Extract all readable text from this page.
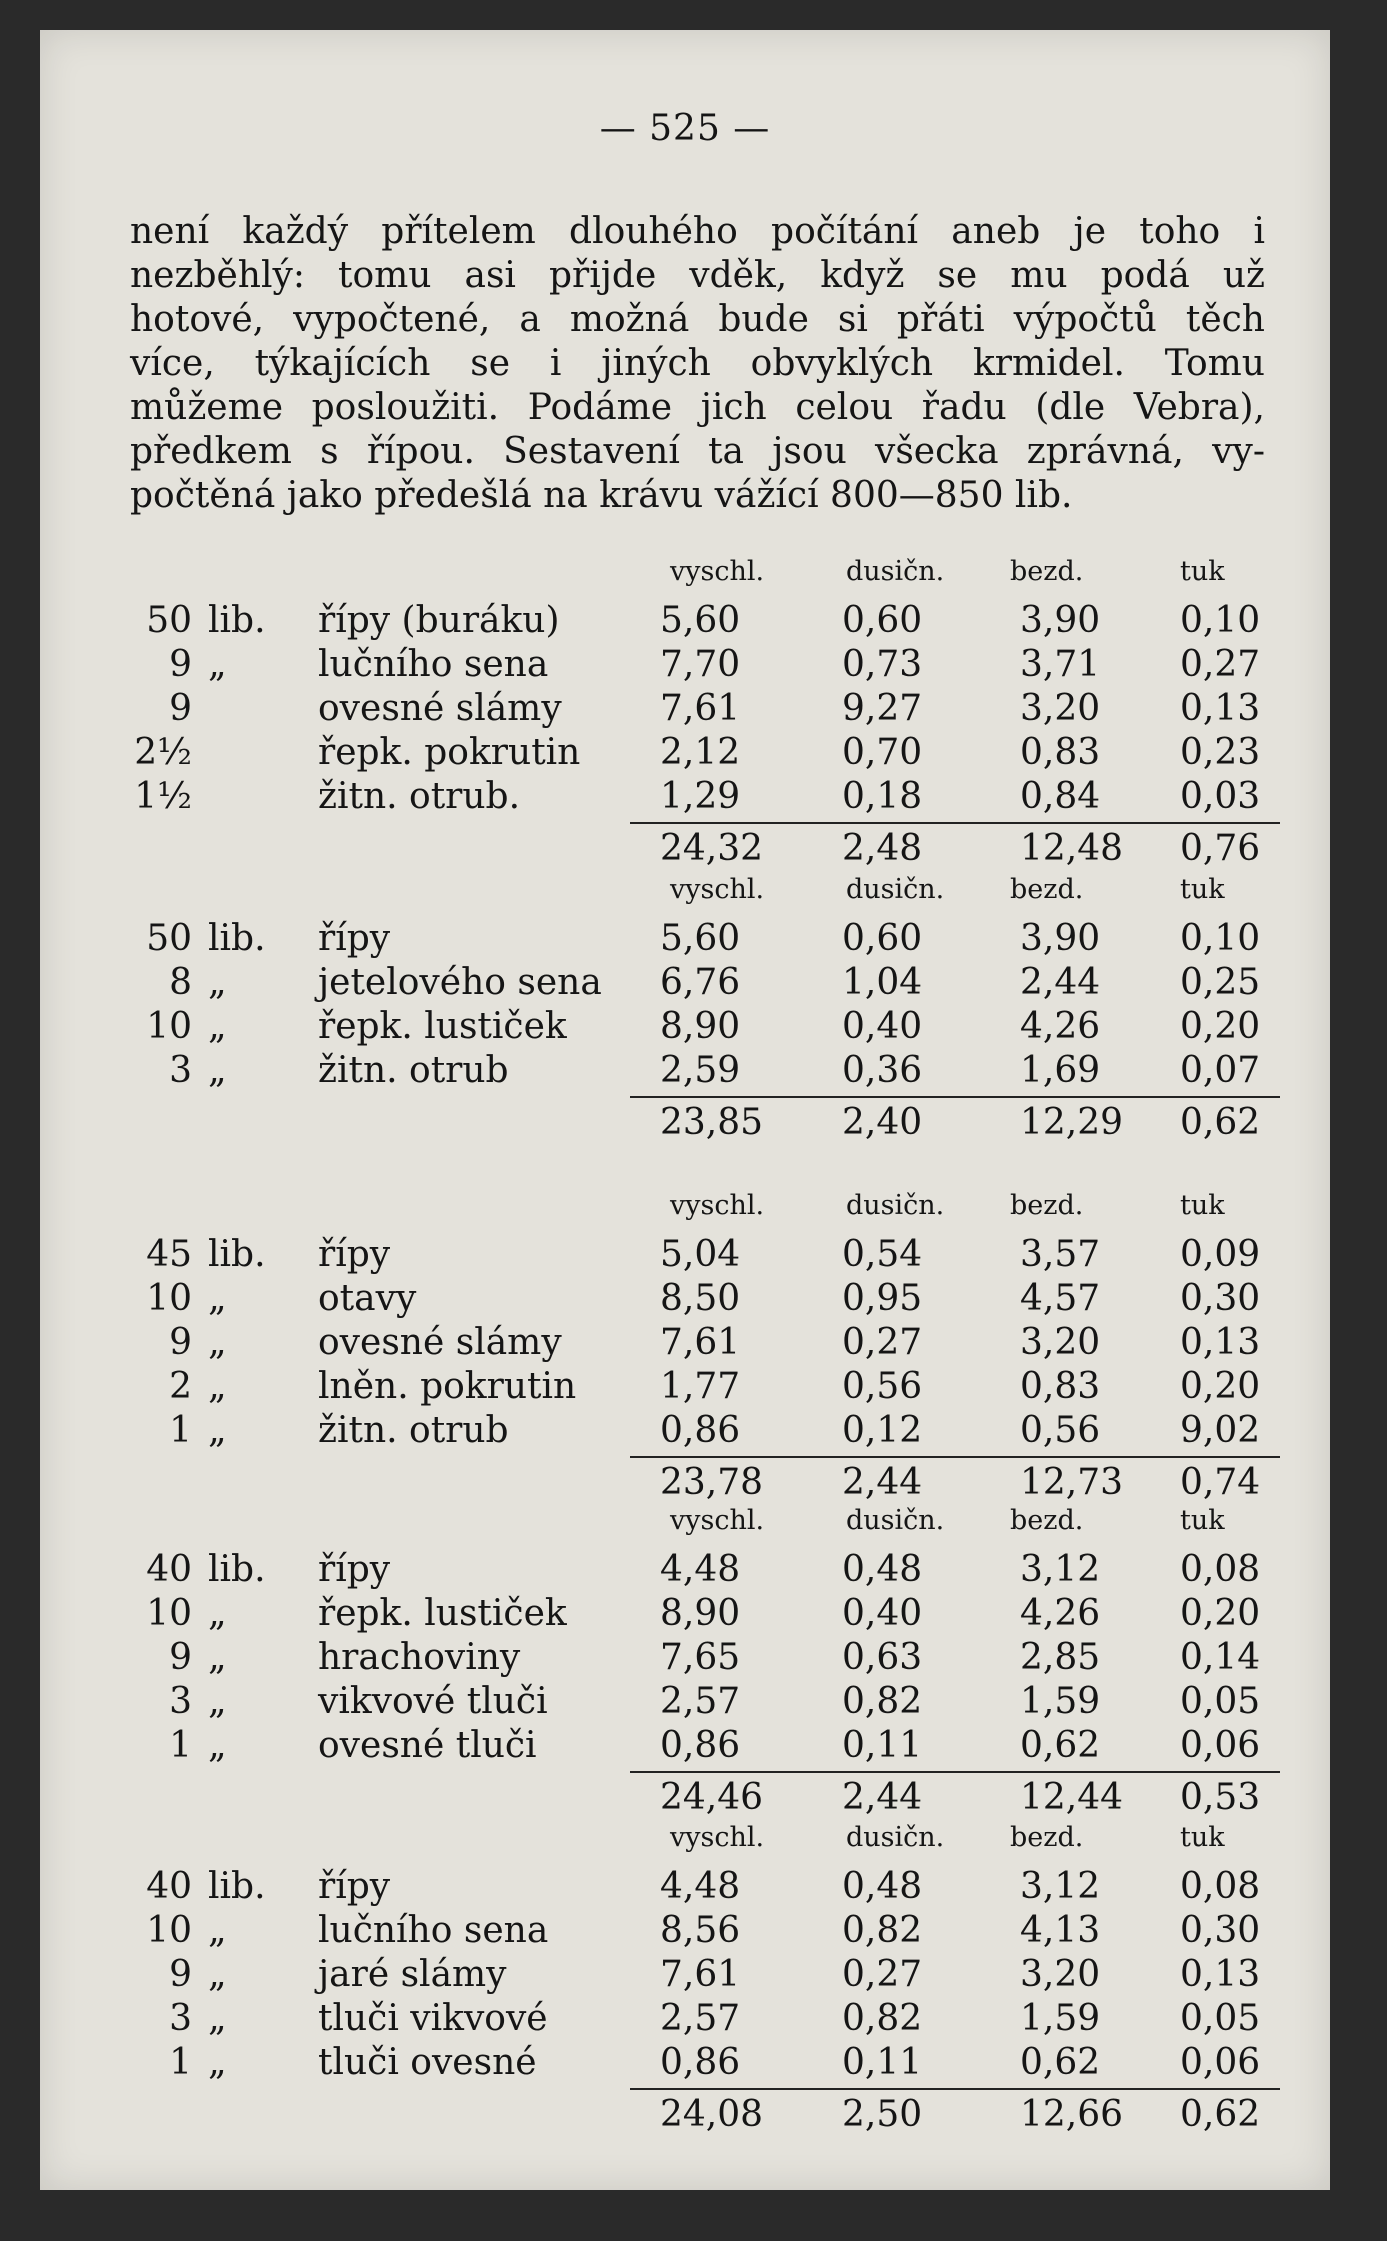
— 525 —
není každý přítelem dlouhého počítání aneb je toho i
nezběhlý: tomu asi přijde vděk, když se mu podá už
hotové, vypočtené, a možná bude si přáti výpočtů těch
více, týkajících se i jiných obvyklých krmidel. Tomu
můžeme posloužiti. Podáme jich celou řadu (dle Vebra),
předkem s řípou. Sestavení ta jsou všecka zprávná, vy-
počtěná jako předešlá na krávu vážící 800—850 lib.
vyschl.	dusičn. bezd.	tuk
50 lib. řípy (buráku)	5,60	0,60	3,90 0,10
9 „	lučního sena	7,70	0,73	3,71 0,27
9	ovesné slámy	7,61	9,27	3,20 0,13
2½	řepk. pokrutin 2,12	0,70	0,83 0,23
1½	žitn. otrub.	1,29	0,18	0,84 0,03
24,32 2,48	12,48 0,76
vyschl.	dusičn. bezd.	tuk
50 lib. řípy	5,60	0,60	3,90 0,10
8 „	jetelového sena 6,76	1,04	2,44 0,25
10 „	řepk. lustiček	8,90	0,40	4,26 0,20
3 „	žitn. otrub	2,59	0,36	1,69 0,07
23,85 2,40	12,29 0,62
vyschl.	dusičn. bezd.	tuk
45 lib. řípy	5,04	0,54	3,57 0,09
10 „	otavy	8,50	0,95	4,57 0,30
9 „	ovesné slámy	7,61	0,27	3,20 0,13
2 „	lněn. pokrutin 1,77	0,56	0,83 0,20
1 „	žitn. otrub	0,86	0,12	0,56 9,02
23,78 2,44	12,73 0,74
vyschl.	dusičn. bezd.	tuk
40 lib. řípy	4,48	0,48	3,12 0,08
10 „	řepk. lustiček	8,90	0,40	4,26 0,20
9 „	hrachoviny	7,65	0,63	2,85 0,14
3 „	vikvové tluči	2,57	0,82	1,59 0,05
1 „	ovesné tluči	0,86	0,11	0,62 0,06
24,46 2,44	12,44 0,53
vyschl.	dusičn. bezd.	tuk
40 lib. řípy	4,48	0,48	3,12 0,08
10 „	lučního sena	8,56	0,82	4,13 0,30
9 „	jaré slámy	7,61	0,27	3,20 0,13
3 „	tluči vikvové	2,57	0,82	1,59 0,05
1 „	tluči ovesné	0,86	0,11	0,62 0,06
24,08 2,50	12,66 0,62
